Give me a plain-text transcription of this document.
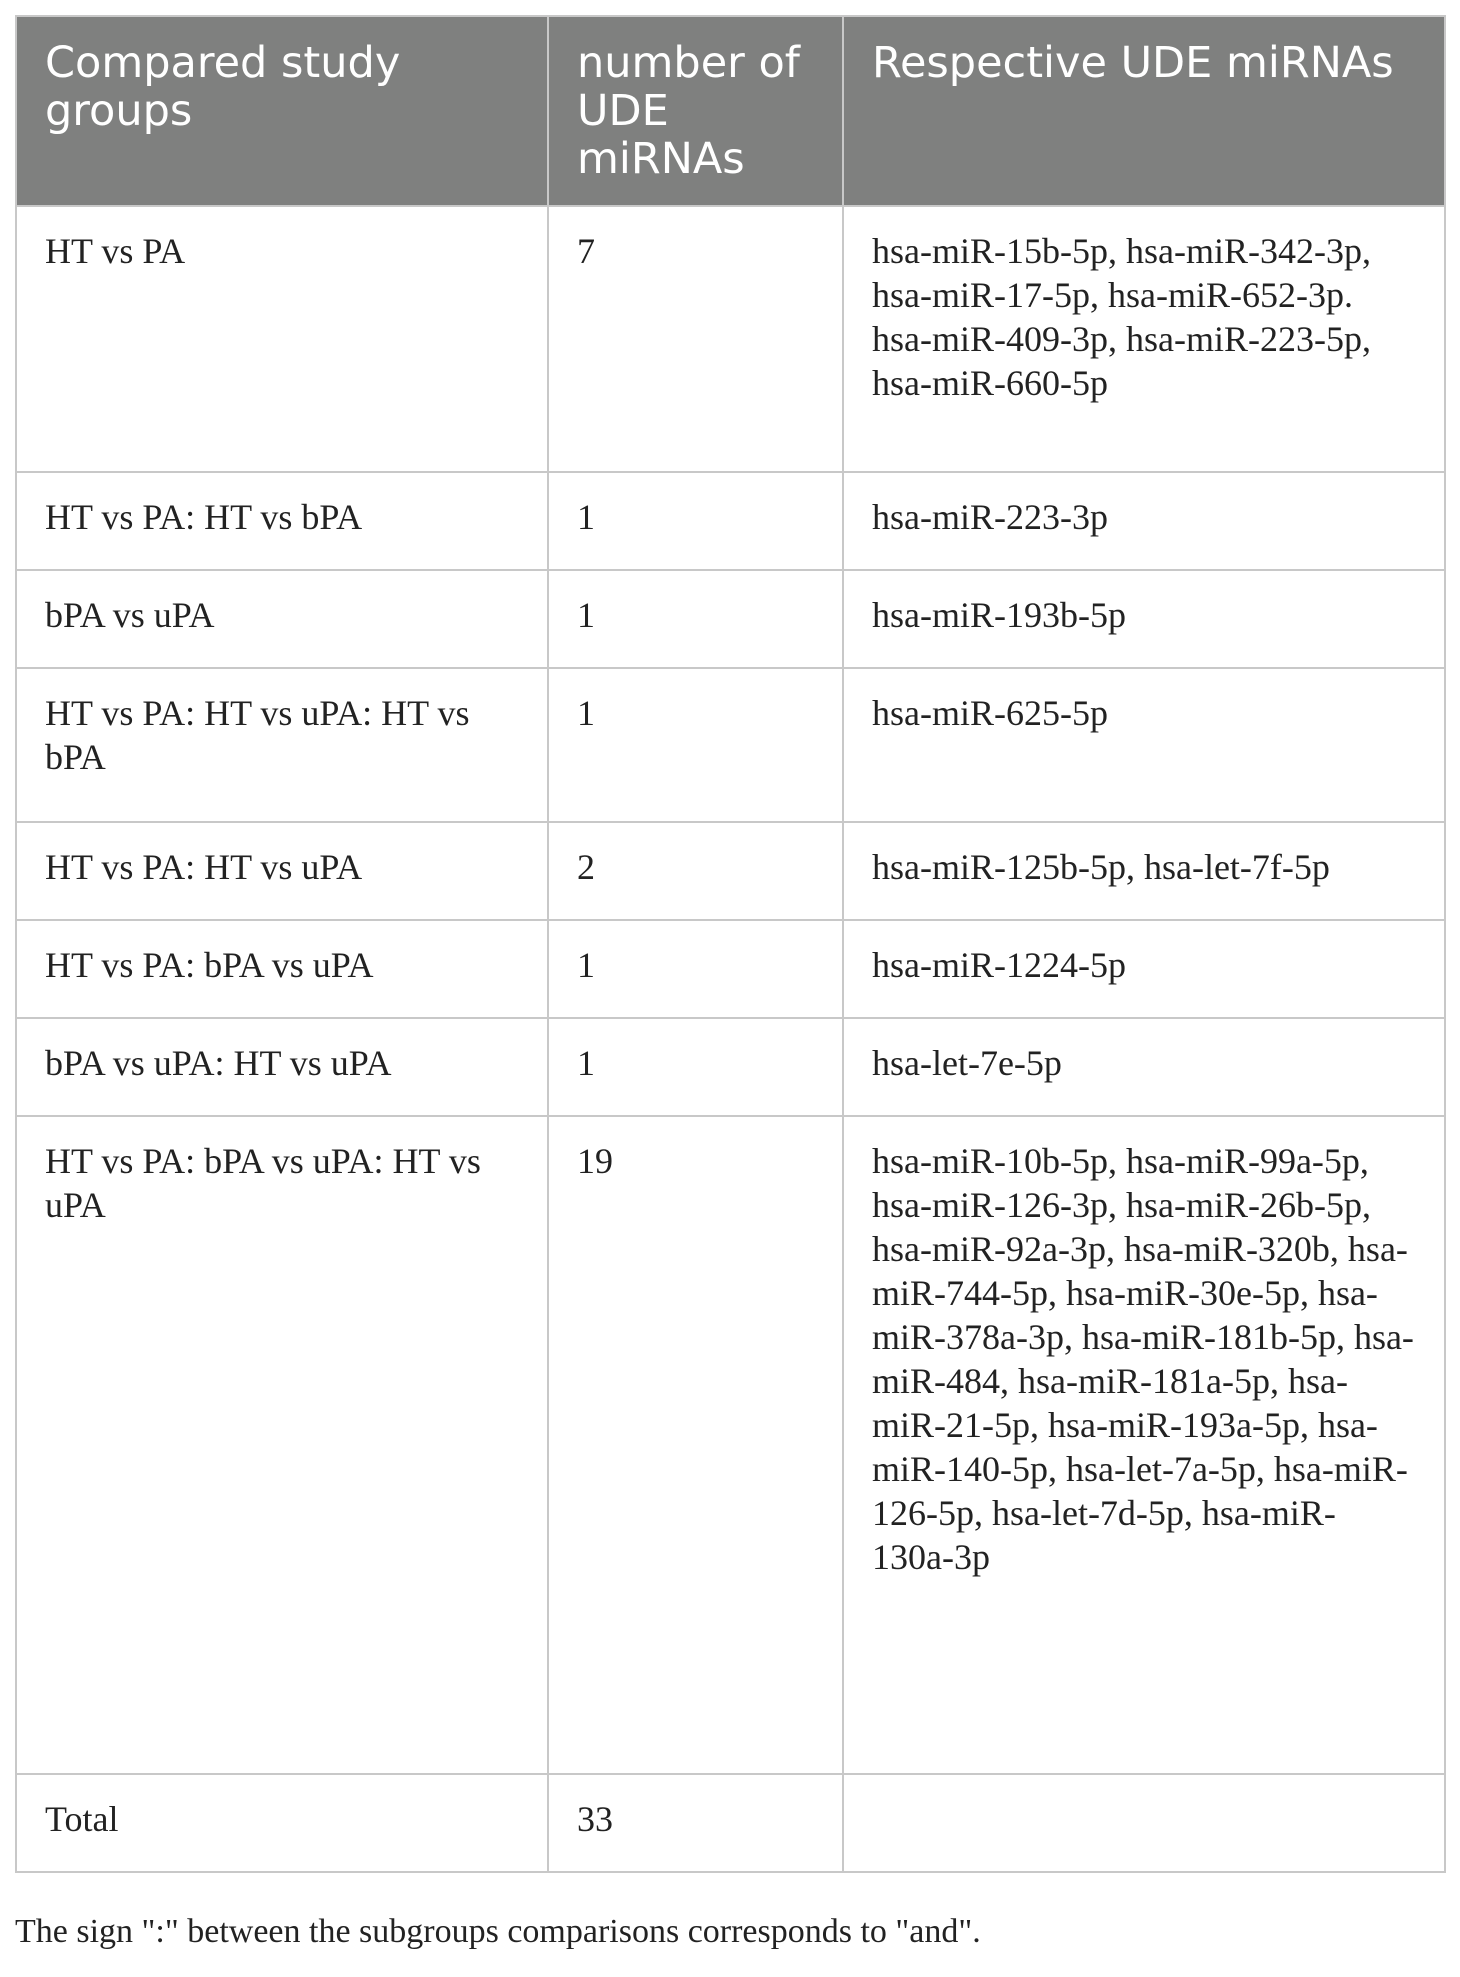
Compared study groups	number of UDE miRNAs	Respective UDE miRNAs
HT vs PA	7	hsa-miR-15b-5p, hsa-miR-342-3p, hsa-miR-17-5p, hsa-miR-652-3p. hsa-miR-409-3p, hsa-miR-223-5p, hsa-miR-660-5p
HT vs PA: HT vs bPA	1	hsa-miR-223-3p
bPA vs uPA	1	hsa-miR-193b-5p
HT vs PA: HT vs uPA: HT vs bPA	1	hsa-miR-625-5p
HT vs PA: HT vs uPA	2	hsa-miR-125b-5p, hsa-let-7f-5p
HT vs PA: bPA vs uPA	1	hsa-miR-1224-5p
bPA vs uPA: HT vs uPA	1	hsa-let-7e-5p
HT vs PA: bPA vs uPA: HT vs uPA	19	hsa-miR-10b-5p, hsa-miR-99a-5p, hsa-miR-126-3p, hsa-miR-26b-5p, hsa-miR-92a-3p, hsa-miR-320b, hsa-miR-744-5p, hsa-miR-30e-5p, hsa-miR-378a-3p, hsa-miR-181b-5p, hsa-miR-484, hsa-miR-181a-5p, hsa-miR-21-5p, hsa-miR-193a-5p, hsa-miR-140-5p, hsa-let-7a-5p, hsa-miR-126-5p, hsa-let-7d-5p, hsa-miR-130a-3p
Total	33	

The sign ":" between the subgroups comparisons corresponds to "and".
